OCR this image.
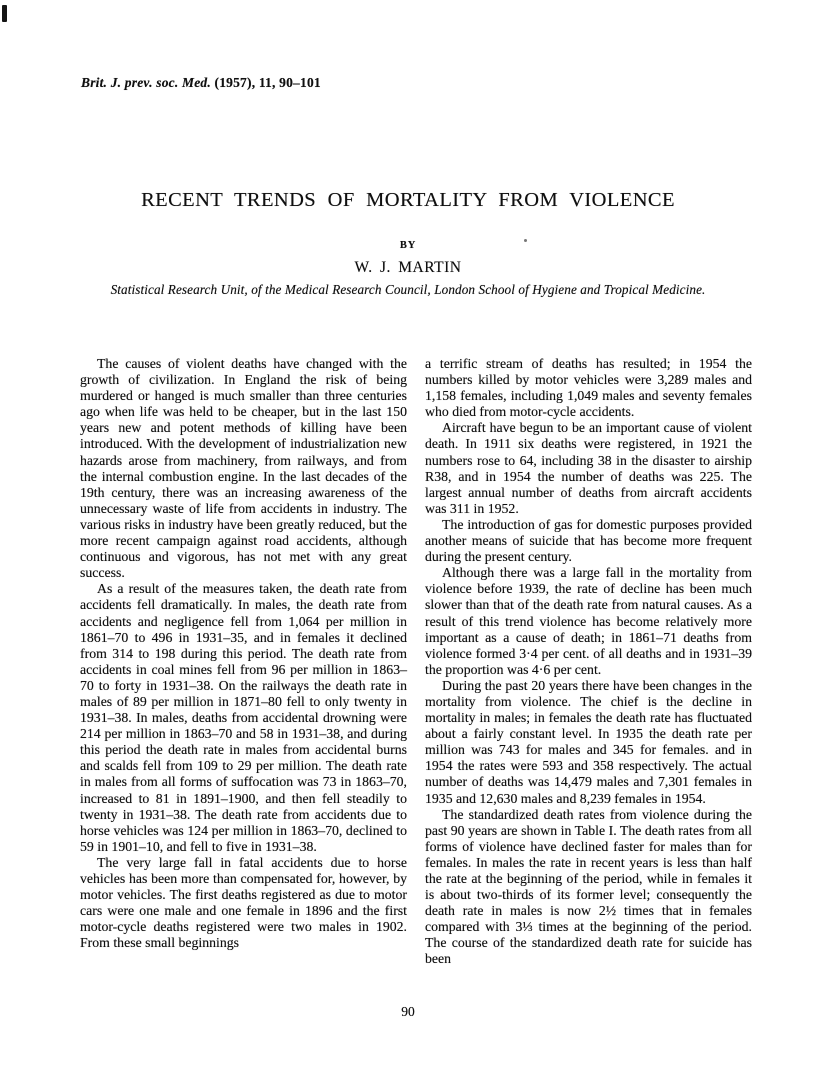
Brit. J. prev. soc. Med. (1957), 11, 90–101
RECENT TRENDS OF MORTALITY FROM VIOLENCE
BY
W. J. MARTIN
Statistical Research Unit, of the Medical Research Council, London School of Hygiene and Tropical Medicine.

The causes of violent deaths have changed with the growth of civilization. In England the risk of being murdered or hanged is much smaller than three centuries ago when life was held to be cheaper, but in the last 150 years new and potent methods of killing have been introduced. With the development of industrialization new hazards arose from machinery, from railways, and from the internal combustion engine. In the last decades of the 19th century, there was an increasing awareness of the unnecessary waste of life from accidents in industry. The various risks in industry have been greatly reduced, but the more recent campaign against road accidents, although continuous and vigorous, has not met with any great success.

As a result of the measures taken, the death rate from accidents fell dramatically. In males, the death rate from accidents and negligence fell from 1,064 per million in 1861–70 to 496 in 1931–35, and in females it declined from 314 to 198 during this period. The death rate from accidents in coal mines fell from 96 per million in 1863–70 to forty in 1931–38. On the railways the death rate in males of 89 per million in 1871–80 fell to only twenty in 1931–38. In males, deaths from accidental drowning were 214 per million in 1863–70 and 58 in 1931–38, and during this period the death rate in males from accidental burns and scalds fell from 109 to 29 per million. The death rate in males from all forms of suffocation was 73 in 1863–70, increased to 81 in 1891–1900, and then fell steadily to twenty in 1931–38. The death rate from accidents due to horse vehicles was 124 per million in 1863–70, declined to 59 in 1901–10, and fell to five in 1931–38.

The very large fall in fatal accidents due to horse vehicles has been more than compensated for, however, by motor vehicles. The first deaths registered as due to motor cars were one male and one female in 1896 and the first motor-cycle deaths registered were two males in 1902. From these small beginnings

a terrific stream of deaths has resulted; in 1954 the numbers killed by motor vehicles were 3,289 males and 1,158 females, including 1,049 males and seventy females who died from motor-cycle accidents.

Aircraft have begun to be an important cause of violent death. In 1911 six deaths were registered, in 1921 the numbers rose to 64, including 38 in the disaster to airship R38, and in 1954 the number of deaths was 225. The largest annual number of deaths from aircraft accidents was 311 in 1952.

The introduction of gas for domestic purposes provided another means of suicide that has become more frequent during the present century.

Although there was a large fall in the mortality from violence before 1939, the rate of decline has been much slower than that of the death rate from natural causes. As a result of this trend violence has become relatively more important as a cause of death; in 1861–71 deaths from violence formed 3·4 per cent. of all deaths and in 1931–39 the proportion was 4·6 per cent.

During the past 20 years there have been changes in the mortality from violence. The chief is the decline in mortality in males; in females the death rate has fluctuated about a fairly constant level. In 1935 the death rate per million was 743 for males and 345 for females. and in 1954 the rates were 593 and 358 respectively. The actual number of deaths was 14,479 males and 7,301 females in 1935 and 12,630 males and 8,239 females in 1954.

The standardized death rates from violence during the past 90 years are shown in Table I. The death rates from all forms of violence have declined faster for males than for females. In males the rate in recent years is less than half the rate at the beginning of the period, while in females it is about two-thirds of its former level; consequently the death rate in males is now 2½ times that in females compared with 3⅓ times at the beginning of the period. The course of the standardized death rate for suicide has been

90
